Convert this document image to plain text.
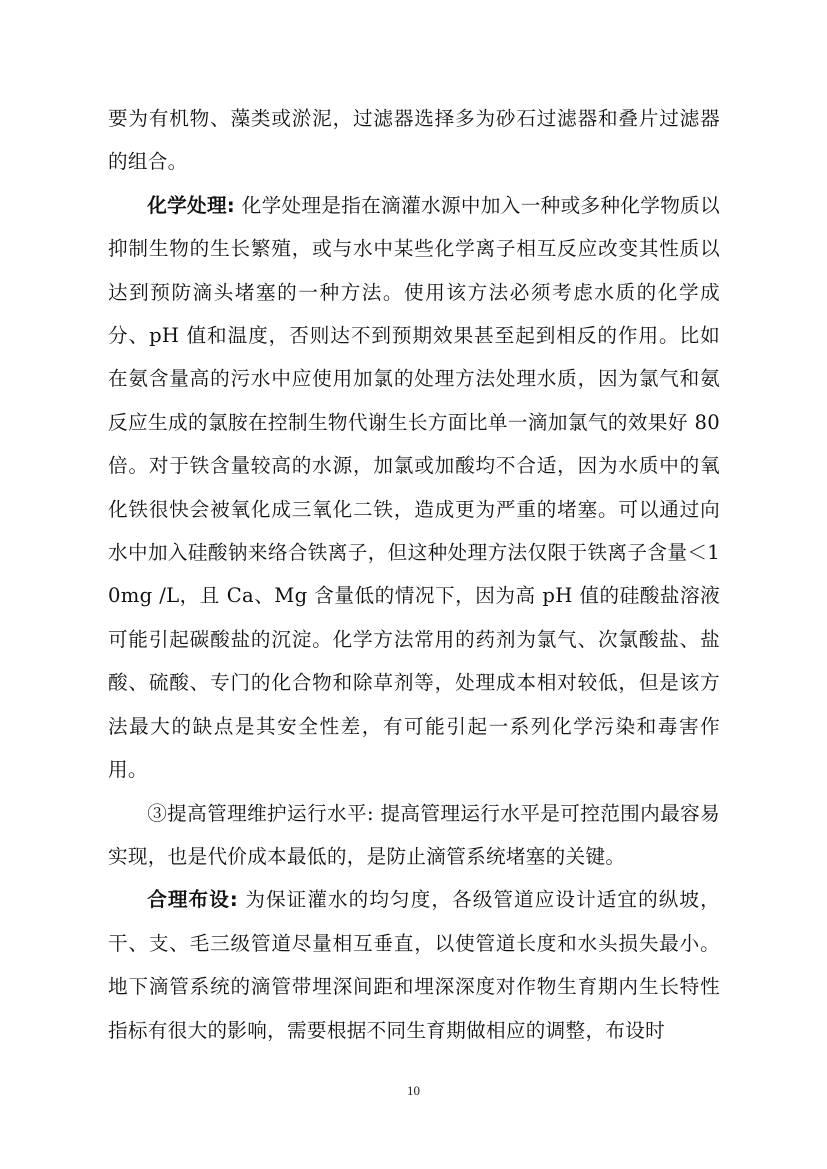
要为有机物、藻类或淤泥，过滤器选择多为砂石过滤器和叠片过滤器的组合。

化学处理: 化学处理是指在滴灌水源中加入一种或多种化学物质以抑制生物的生长繁殖，或与水中某些化学离子相互反应改变其性质以达到预防滴头堵塞的一种方法。使用该方法必须考虑水质的化学成分、pH 值和温度，否则达不到预期效果甚至起到相反的作用。比如在氨含量高的污水中应使用加氯的处理方法处理水质，因为氯气和氨反应生成的氯胺在控制生物代谢生长方面比单一滴加氯气的效果好 80 倍。对于铁含量较高的水源，加氯或加酸均不合适，因为水质中的氧化铁很快会被氧化成三氧化二铁，造成更为严重的堵塞。可以通过向水中加入硅酸钠来络合铁离子，但这种处理方法仅限于铁离子含量＜10mg /L，且 Ca、Mg 含量低的情况下，因为高 pH 值的硅酸盐溶液可能引起碳酸盐的沉淀。化学方法常用的药剂为氯气、次氯酸盐、盐酸、硫酸、专门的化合物和除草剂等，处理成本相对较低，但是该方法最大的缺点是其安全性差，有可能引起一系列化学污染和毒害作用。

③提高管理维护运行水平: 提高管理运行水平是可控范围内最容易实现，也是代价成本最低的，是防止滴管系统堵塞的关键。

合理布设: 为保证灌水的均匀度，各级管道应设计适宜的纵坡，干、支、毛三级管道尽量相互垂直，以使管道长度和水头损失最小。地下滴管系统的滴管带埋深间距和埋深深度对作物生育期内生长特性指标有很大的影响，需要根据不同生育期做相应的调整，布设时

10
